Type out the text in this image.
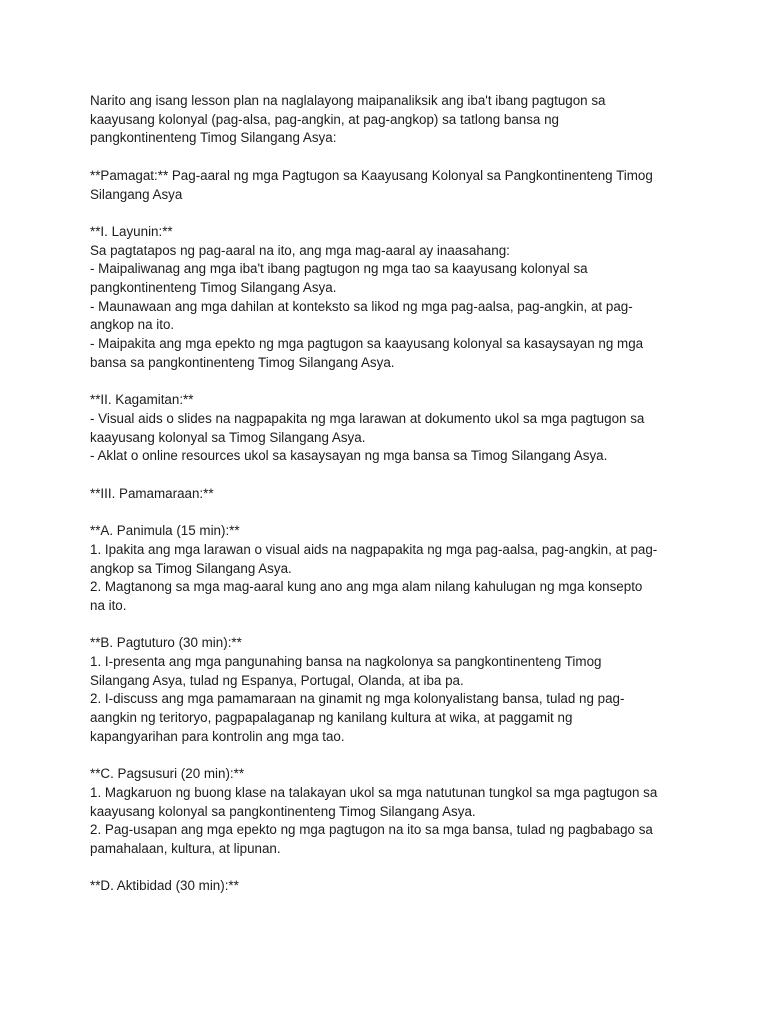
Narito ang isang lesson plan na naglalayong maipanaliksik ang iba't ibang pagtugon sa
kaayusang kolonyal (pag-alsa, pag-angkin, at pag-angkop) sa tatlong bansa ng
pangkontinenteng Timog Silangang Asya:
**Pamagat:** Pag-aaral ng mga Pagtugon sa Kaayusang Kolonyal sa Pangkontinenteng Timog
Silangang Asya
**I. Layunin:**
Sa pagtatapos ng pag-aaral na ito, ang mga mag-aaral ay inaasahang:
- Maipaliwanag ang mga iba't ibang pagtugon ng mga tao sa kaayusang kolonyal sa
pangkontinenteng Timog Silangang Asya.
- Maunawaan ang mga dahilan at konteksto sa likod ng mga pag-aalsa, pag-angkin, at pag-
angkop na ito.
- Maipakita ang mga epekto ng mga pagtugon sa kaayusang kolonyal sa kasaysayan ng mga
bansa sa pangkontinenteng Timog Silangang Asya.
**II. Kagamitan:**
- Visual aids o slides na nagpapakita ng mga larawan at dokumento ukol sa mga pagtugon sa
kaayusang kolonyal sa Timog Silangang Asya.
- Aklat o online resources ukol sa kasaysayan ng mga bansa sa Timog Silangang Asya.
**III. Pamamaraan:**
**A. Panimula (15 min):**
1. Ipakita ang mga larawan o visual aids na nagpapakita ng mga pag-aalsa, pag-angkin, at pag-
angkop sa Timog Silangang Asya.
2. Magtanong sa mga mag-aaral kung ano ang mga alam nilang kahulugan ng mga konsepto
na ito.
**B. Pagtuturo (30 min):**
1. I-presenta ang mga pangunahing bansa na nagkolonya sa pangkontinenteng Timog
Silangang Asya, tulad ng Espanya, Portugal, Olanda, at iba pa.
2. I-discuss ang mga pamamaraan na ginamit ng mga kolonyalistang bansa, tulad ng pag-
aangkin ng teritoryo, pagpapalaganap ng kanilang kultura at wika, at paggamit ng
kapangyarihan para kontrolin ang mga tao.
**C. Pagsusuri (20 min):**
1. Magkaruon ng buong klase na talakayan ukol sa mga natutunan tungkol sa mga pagtugon sa
kaayusang kolonyal sa pangkontinenteng Timog Silangang Asya.
2. Pag-usapan ang mga epekto ng mga pagtugon na ito sa mga bansa, tulad ng pagbabago sa
pamahalaan, kultura, at lipunan.
**D. Aktibidad (30 min):**
